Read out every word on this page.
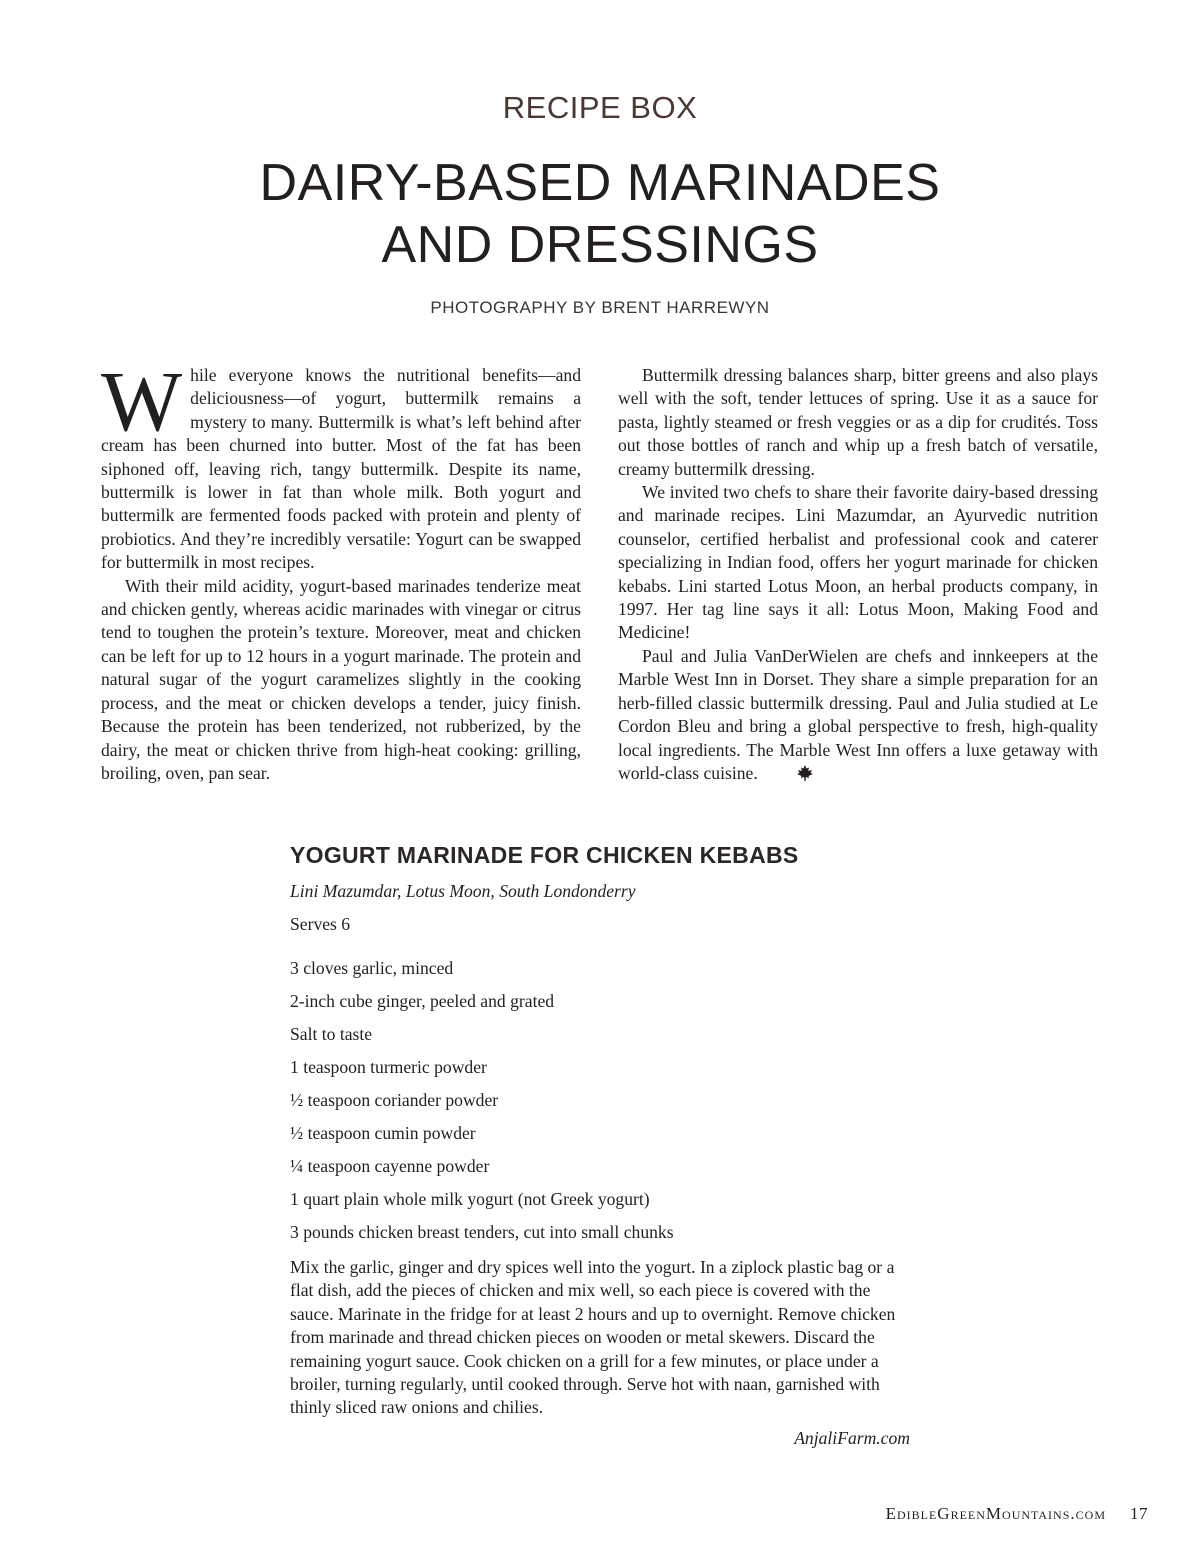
RECIPE BOX
DAIRY-BASED MARINADES
AND DRESSINGS
PHOTOGRAPHY BY BRENT HARREWYN

While everyone knows the nutritional benefits—and deliciousness—of yogurt, buttermilk remains a mystery to many. Buttermilk is what’s left behind after cream has been churned into butter. Most of the fat has been siphoned off, leaving rich, tangy buttermilk. Despite its name, buttermilk is lower in fat than whole milk. Both yogurt and buttermilk are fermented foods packed with protein and plenty of probiotics. And they’re incredibly versatile: Yogurt can be swapped for buttermilk in most recipes.

With their mild acidity, yogurt-based marinades tenderize meat and chicken gently, whereas acidic marinades with vinegar or citrus tend to toughen the protein’s texture. Moreover, meat and chicken can be left for up to 12 hours in a yogurt marinade. The protein and natural sugar of the yogurt caramelizes slightly in the cooking process, and the meat or chicken develops a tender, juicy finish. Because the protein has been tenderized, not rubberized, by the dairy, the meat or chicken thrive from high-heat cooking: grilling, broiling, oven, pan sear.

Buttermilk dressing balances sharp, bitter greens and also plays well with the soft, tender lettuces of spring. Use it as a sauce for pasta, lightly steamed or fresh veggies or as a dip for crudités. Toss out those bottles of ranch and whip up a fresh batch of versatile, creamy buttermilk dressing.

We invited two chefs to share their favorite dairy-based dressing and marinade recipes. Lini Mazumdar, an Ayurvedic nutrition counselor, certified herbalist and professional cook and caterer specializing in Indian food, offers her yogurt marinade for chicken kebabs. Lini started Lotus Moon, an herbal products company, in 1997. Her tag line says it all: Lotus Moon, Making Food and Medicine!

Paul and Julia VanDerWielen are chefs and innkeepers at the Marble West Inn in Dorset. They share a simple preparation for an herb-filled classic buttermilk dressing. Paul and Julia studied at Le Cordon Bleu and bring a global perspective to fresh, high-quality local ingredients. The Marble West Inn offers a luxe getaway with world-class cuisine.

YOGURT MARINADE FOR CHICKEN KEBABS
Lini Mazumdar, Lotus Moon, South Londonderry
Serves 6
3 cloves garlic, minced
2-inch cube ginger, peeled and grated
Salt to taste
1 teaspoon turmeric powder
½ teaspoon coriander powder
½ teaspoon cumin powder
¼ teaspoon cayenne powder
1 quart plain whole milk yogurt (not Greek yogurt)
3 pounds chicken breast tenders, cut into small chunks

Mix the garlic, ginger and dry spices well into the yogurt. In a ziplock plastic bag or a flat dish, add the pieces of chicken and mix well, so each piece is covered with the sauce. Marinate in the fridge for at least 2 hours and up to overnight. Remove chicken from marinade and thread chicken pieces on wooden or metal skewers. Discard the remaining yogurt sauce. Cook chicken on a grill for a few minutes, or place under a broiler, turning regularly, until cooked through. Serve hot with naan, garnished with thinly sliced raw onions and chilies.

AnjaliFarm.com
EdibleGreenMountains.com 17
